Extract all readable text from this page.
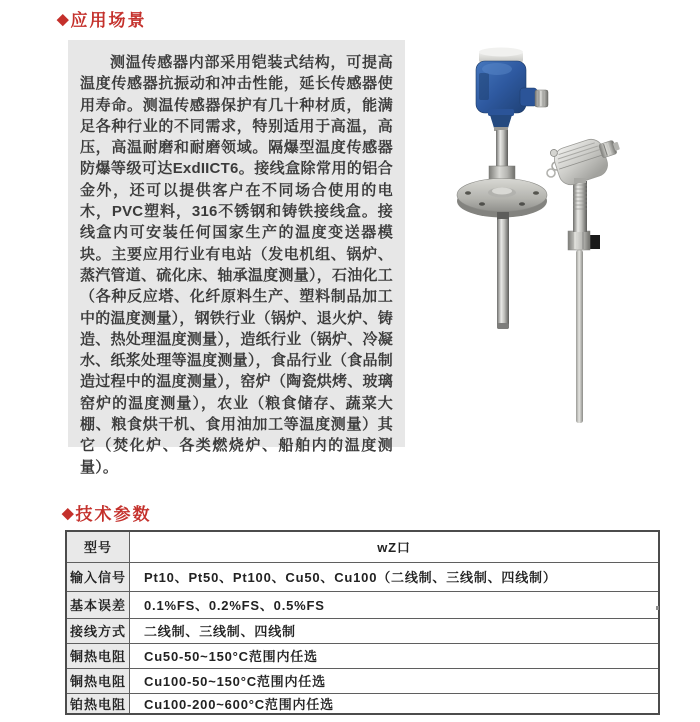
◆ 应用场景

测温传感器内部采用铠装式结构，可提高温度传感器抗振动和冲击性能，延长传感器使用寿命。测温传感器保护有几十种材质，能满足各种行业的不同需求，特别适用于高温，高压，高温耐磨和耐磨领域。隔爆型温度传感器防爆等级可达ExdIICT6。接线盒除常用的铝合金外，还可以提供客户在不同场合使用的电木，PVC塑料，316不锈钢和铸铁接线盒。接线盒内可安装任何国家生产的温度变送器模块。主要应用行业有电站（发电机组、锅炉、蒸汽管道、硫化床、轴承温度测量），石油化工（各种反应塔、化纤原料生产、塑料制品加工中的温度测量），钢铁行业（锅炉、退火炉、铸造、热处理温度测量），造纸行业（锅炉、冷凝水、纸浆处理等温度测量），食品行业（食品制造过程中的温度测量），窑炉（陶瓷烘烤、玻璃窑炉的温度测量），农业（粮食储存、蔬菜大棚、粮食烘干机、食用油加工等温度测量）其它（焚化炉、各类燃烧炉、船舶内的温度测量）。

◆ 技术参数
型号	wZ口
输入信号	Pt10、Pt50、Pt100、Cu50、Cu100（二线制、三线制、四线制）
基本误差	0.1%FS、0.2%FS、0.5%FS
接线方式	二线制、三线制、四线制
铜热电阻	Cu50-50~150°C范围内任选
铜热电阻	Cu100-50~150°C范围内任选
铂热电阻	Cu100-200~600°C范围内任选
